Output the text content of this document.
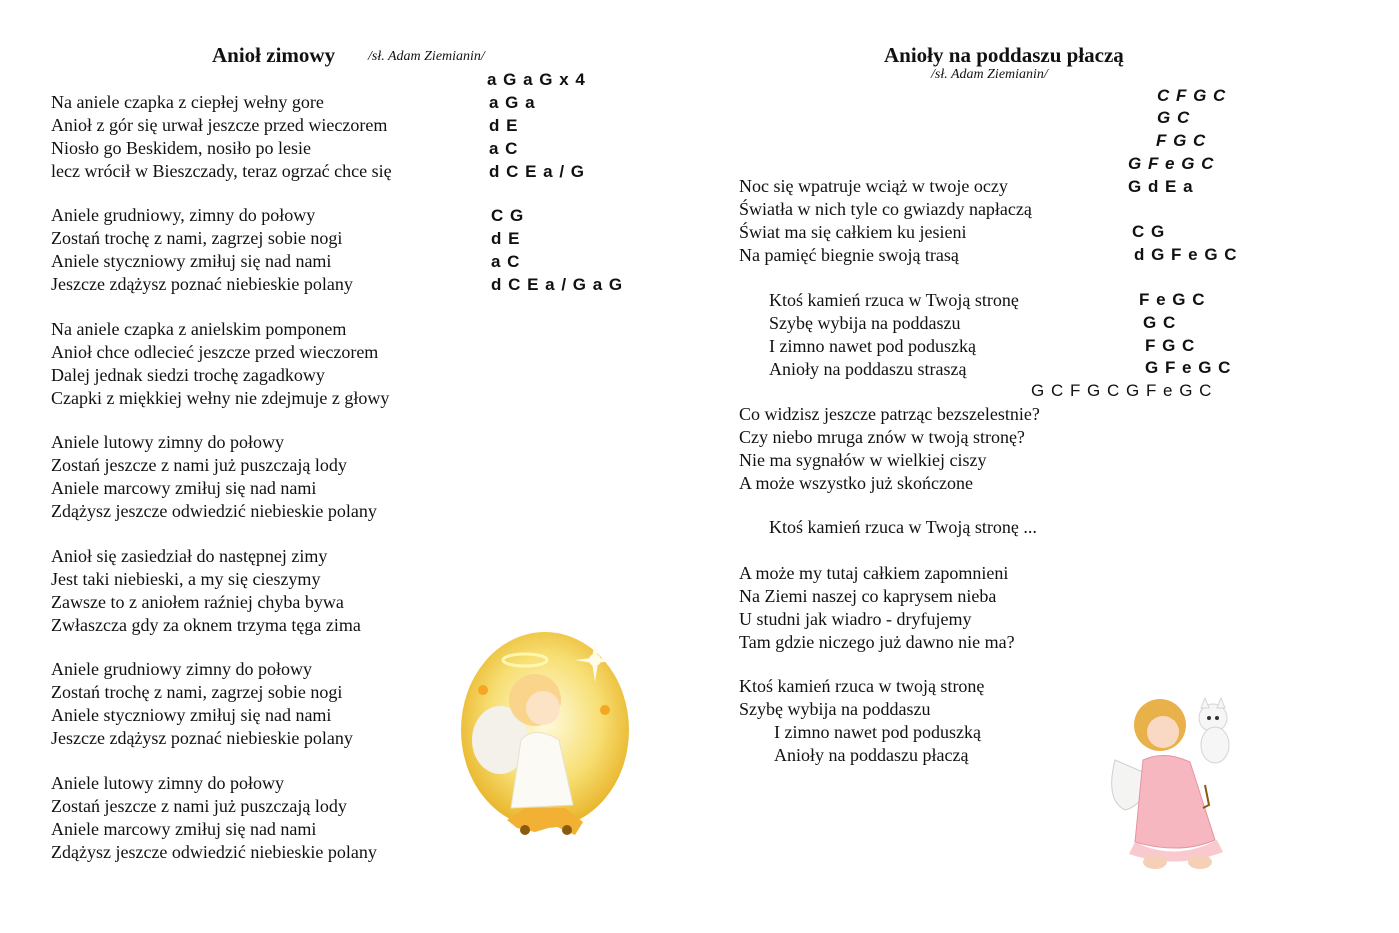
Anioł zimowy /sł. Adam Ziemianin/
a G a G x 4
Na aniele czapka z ciepłej wełny gore
Anioł z gór się urwał jeszcze przed wieczorem
Niosło go Beskidem, nosiło po lesie
lecz wrócił w Bieszczady, teraz ogrzać chce się
Aniele grudniowy, zimny do połowy
Zostań trochę z nami, zagrzej sobie nogi
Aniele styczniowy zmiłuj się nad nami
Jeszcze zdążysz poznać niebieskie polany
Na aniele czapka z anielskim pomponem
Anioł chce odlecieć jeszcze przed wieczorem
Dalej jednak siedzi trochę zagadkowy
Czapki z miękkiej wełny nie zdejmuje z głowy
Aniele lutowy zimny do połowy
Zostań jeszcze z nami już puszczają lody
Aniele marcowy zmiłuj się nad nami
Zdążysz jeszcze odwiedzić niebieskie polany
Anioł się zasiedział do następnej zimy
Jest taki niebieski, a my się cieszymy
Zawsze to z aniołem raźniej chyba bywa
Zwłaszcza gdy za oknem trzyma tęga zima
Aniele grudniowy zimny do połowy
Zostań trochę z nami, zagrzej sobie nogi
Aniele styczniowy zmiłuj się nad nami
Jeszcze zdążysz poznać niebieskie polany
Aniele lutowy zimny do połowy
Zostań jeszcze z nami już puszczają lody
Aniele marcowy zmiłuj się nad nami
Zdążysz jeszcze odwiedzić niebieskie polany
a G a
d E
a C
d C E a / G
C G
d E
a C
d C E a / G a G
Anioły na poddaszu płaczą
/sł. Adam Ziemianin/
C F G C
G C
F G C
G F e G C
Noc się wpatruje wciąż w twoje oczy
Światła w nich tyle co gwiazdy napłaczą
Świat ma się całkiem ku jesieni
Na pamięć biegnie swoją trasą
G d E a
C G
d G F e G C
Ktoś kamień rzuca w Twoją stronę
Szybę wybija na poddaszu
I zimno nawet pod poduszką
Anioły na poddaszu straszą
F e G C
G C
F G C
G F e G C
G C F G C G F e G C
Co widzisz jeszcze patrząc bezszelestnie?
Czy niebo mruga znów w twoją stronę?
Nie ma sygnałów w wielkiej ciszy
A może wszystko już skończone
Ktoś kamień rzuca w Twoją stronę ...
A może my tutaj całkiem zapomnieni
Na Ziemi naszej co kaprysem nieba
U studni jak wiadro - dryfujemy
Tam gdzie niczego już dawno nie ma?
Ktoś kamień rzuca w twoją stronę
Szybę wybija na poddaszu
I zimno nawet pod poduszką
Anioły na poddaszu płaczą
